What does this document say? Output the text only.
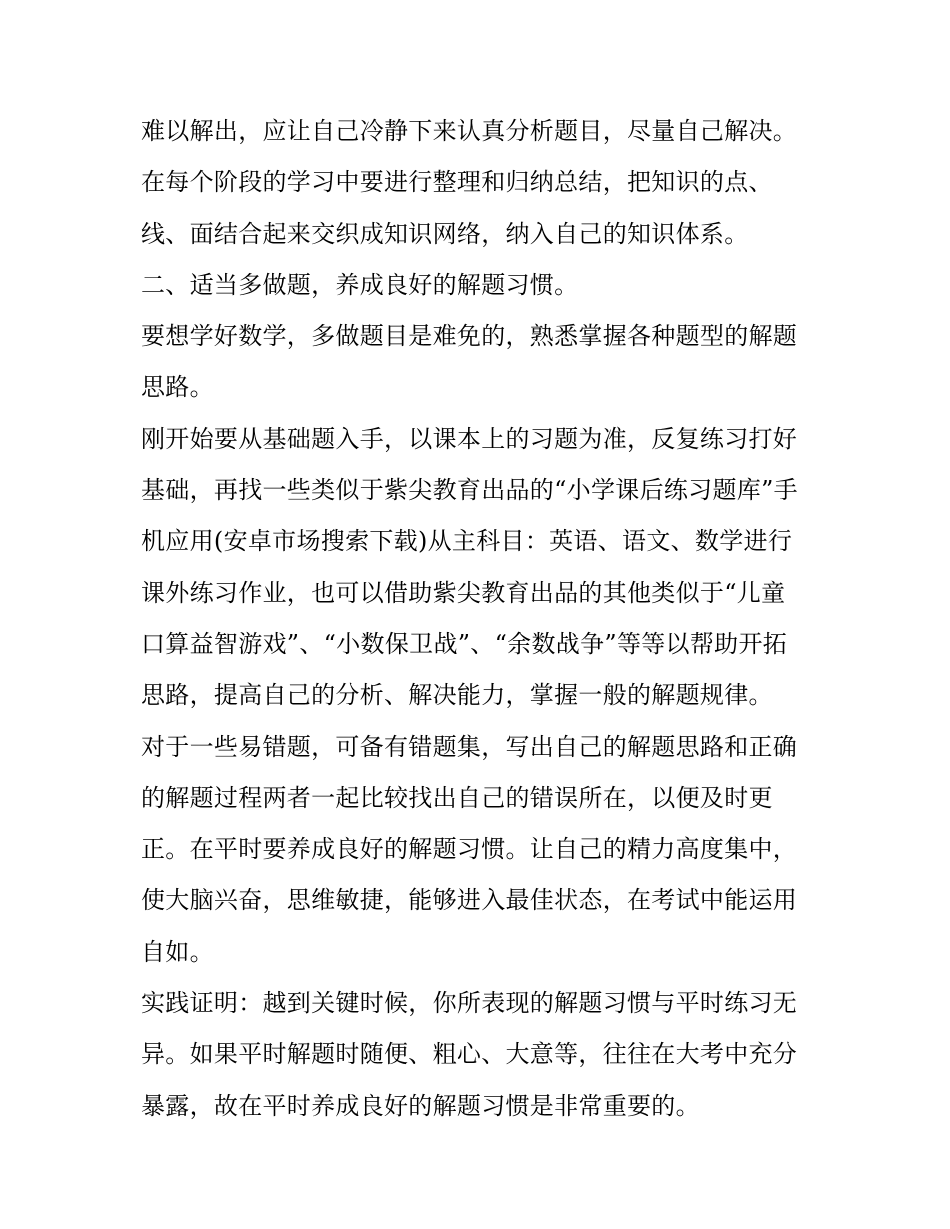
难以解出，应让自己冷静下来认真分析题目，尽量自己解决。
在每个阶段的学习中要进行整理和归纳总结，把知识的点、
线、面结合起来交织成知识网络，纳入自己的知识体系。
二、适当多做题，养成良好的解题习惯。
要想学好数学，多做题目是难免的，熟悉掌握各种题型的解题
思路。
刚开始要从基础题入手，以课本上的习题为准，反复练习打好
基础，再找一些类似于紫尖教育出品的“小学课后练习题库”手
机应用(安卓市场搜索下载)从主科目：英语、语文、数学进行
课外练习作业，也可以借助紫尖教育出品的其他类似于“儿童
口算益智游戏”、“小数保卫战”、“余数战争”等等以帮助开拓
思路，提高自己的分析、解决能力，掌握一般的解题规律。
对于一些易错题，可备有错题集，写出自己的解题思路和正确
的解题过程两者一起比较找出自己的错误所在，以便及时更
正。在平时要养成良好的解题习惯。让自己的精力高度集中，
使大脑兴奋，思维敏捷，能够进入最佳状态，在考试中能运用
自如。
实践证明：越到关键时候，你所表现的解题习惯与平时练习无
异。如果平时解题时随便、粗心、大意等，往往在大考中充分
暴露，故在平时养成良好的解题习惯是非常重要的。
